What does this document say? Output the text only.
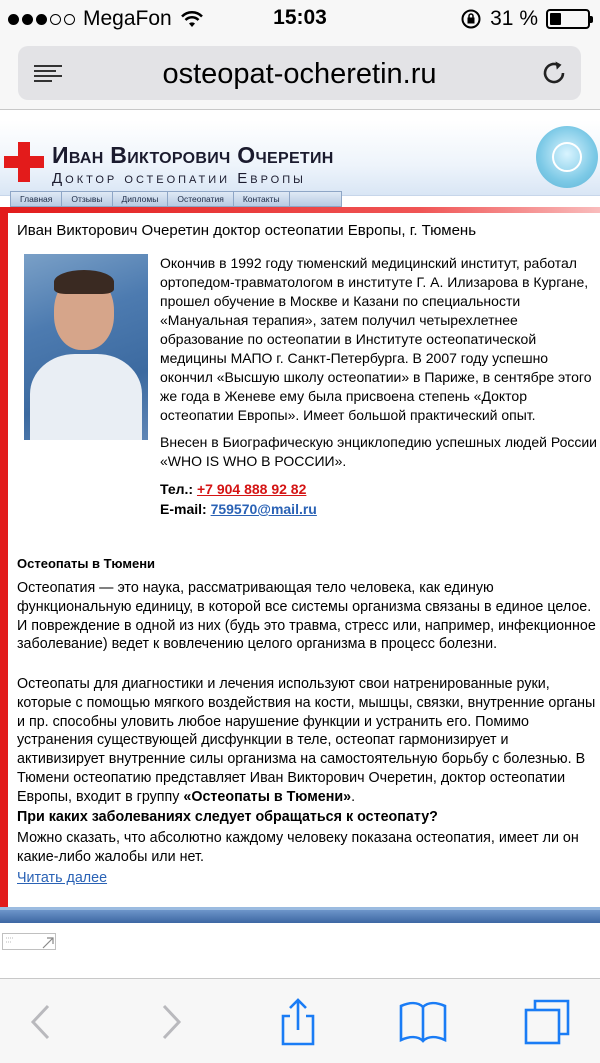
MegaFon	15:03	31 %
osteopat-ocheretin.ru
Иван Викторович Очеретин
Доктор остеопатии Европы
Главная	Отзывы	Дипломы	Остеопатия	Контакты
Иван Викторович Очеретин доктор остеопатии Европы, г. Тюмень

Окончив в 1992 году тюменский медицинский институт, работал ортопедом-травматологом в институте Г. А. Илизарова в Кургане, прошел обучение в Москве и Казани по специальности «Мануальная терапия», затем получил четырехлетнее образование по остеопатии в Институте остеопатической медицины МАПО г. Санкт-Петербурга. В 2007 году успешно окончил «Высшую школу остеопатии» в Париже, в сентябре этого же года в Женеве ему была присвоена степень «Доктор остеопатии Европы». Имеет большой практический опыт.

Внесен в Биографическую энциклопедию успешных людей России «WHO IS WHO В РОССИИ».

Тел.: +7 904 888 92 82
E-mail: 759570@mail.ru
Остеопаты в Тюмени
Остеопатия — это наука, рассматривающая тело человека, как единую функциональную единицу, в которой все системы организма связаны в единое целое. И повреждение в одной из них (будь это травма, стресс или, например, инфекционное заболевание) ведет к вовлечению целого организма в процесс болезни.
Остеопаты для диагностики и лечения используют свои натренированные руки, которые с помощью мягкого воздействия на кости, мышцы, связки, внутренние органы и пр. способны уловить любое нарушение функции и устранить его. Помимо устранения существующей дисфункции в теле, остеопат гармонизирует и активизирует внутренние силы организма на самостоятельную борьбу с болезнью. В Тюмени остеопатию представляет Иван Викторович Очеретин, доктор остеопатии Европы, входит в группу «Остеопаты в Тюмени».
При каких заболеваниях следует обращаться к остеопату?
Можно сказать, что абсолютно каждому человеку показана остеопатия, имеет ли он какие-либо жалобы или нет.
Читать далее
